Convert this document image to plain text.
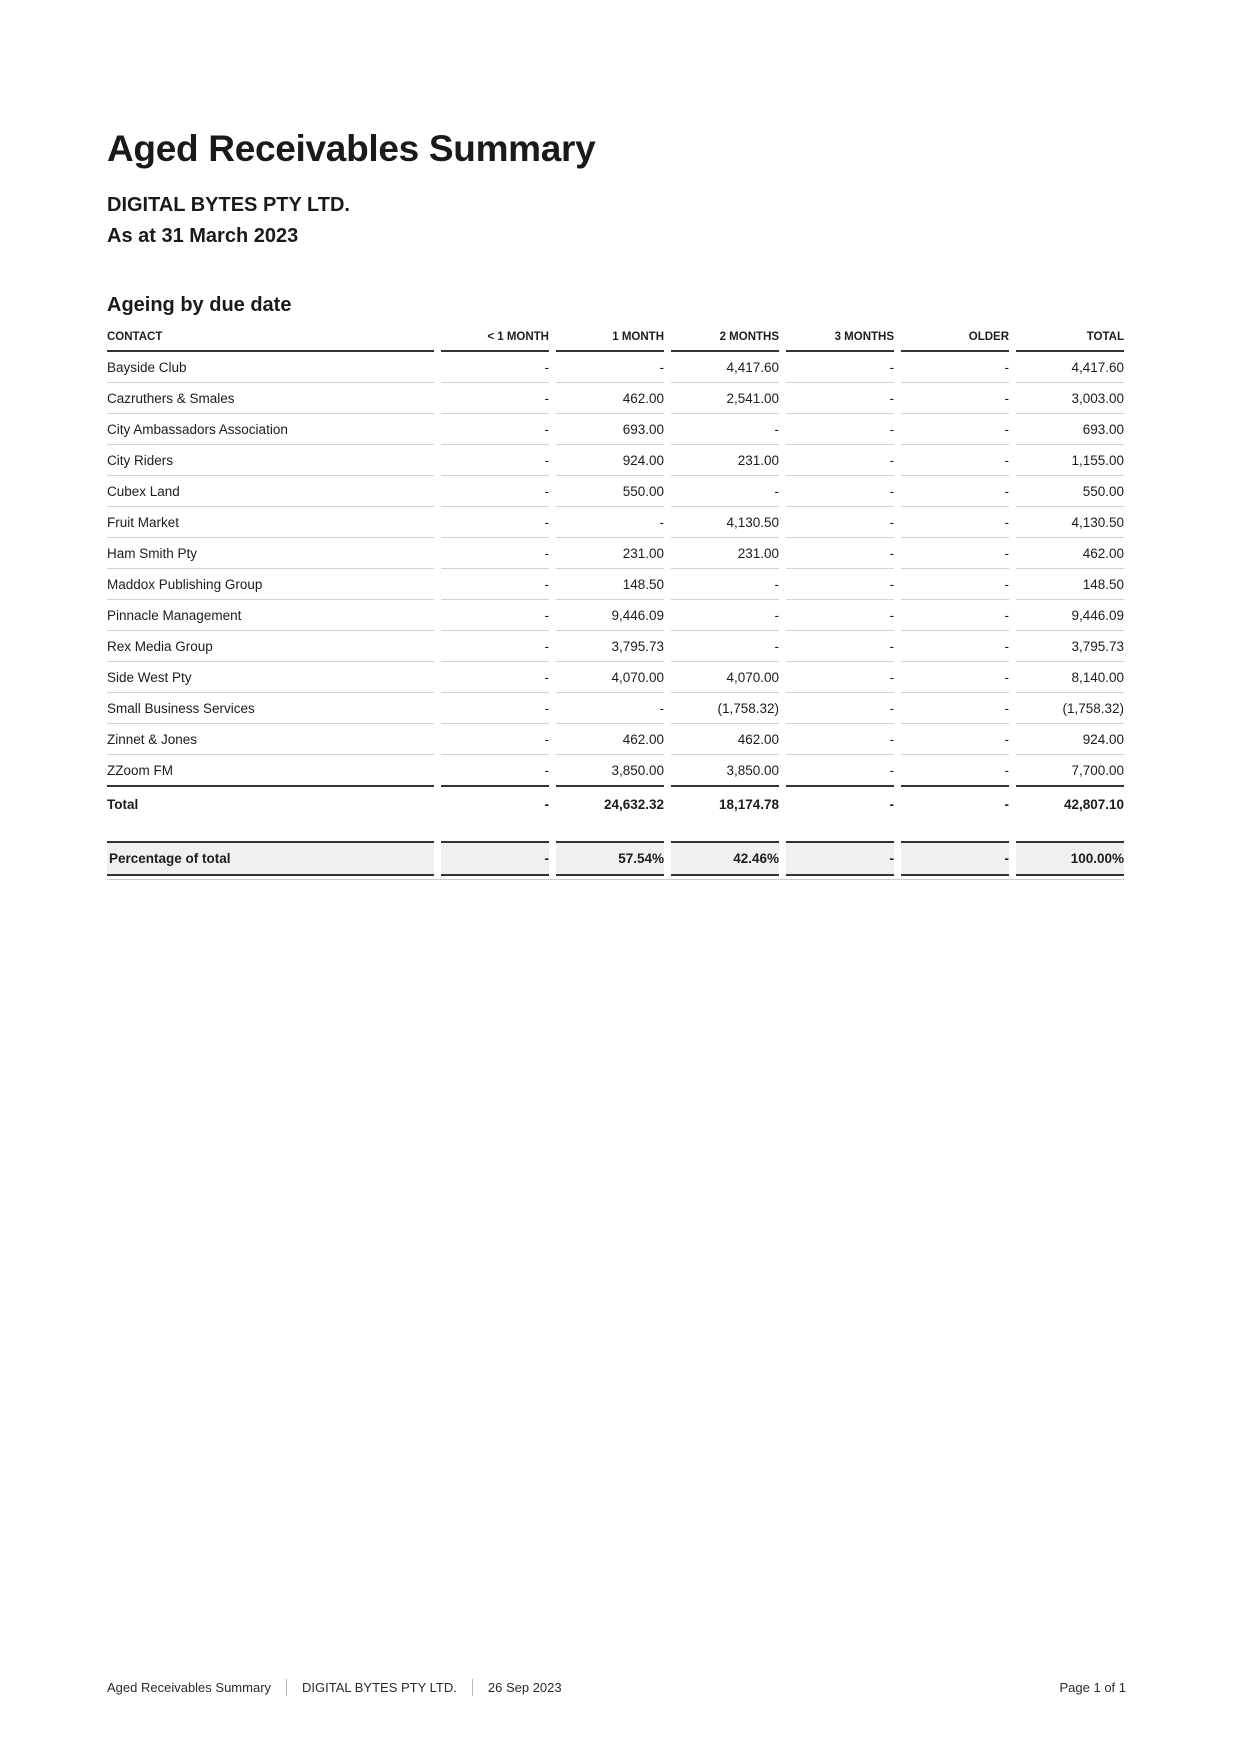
Aged Receivables Summary
DIGITAL BYTES PTY LTD.
As at 31 March 2023
Ageing by due date
CONTACT	< 1 MONTH	1 MONTH	2 MONTHS	3 MONTHS	OLDER	TOTAL
Bayside Club	-	-	4,417.60	-	-	4,417.60
Cazruthers & Smales	-	462.00	2,541.00	-	-	3,003.00
City Ambassadors Association	-	693.00	-	-	-	693.00
City Riders	-	924.00	231.00	-	-	1,155.00
Cubex Land	-	550.00	-	-	-	550.00
Fruit Market	-	-	4,130.50	-	-	4,130.50
Ham Smith Pty	-	231.00	231.00	-	-	462.00
Maddox Publishing Group	-	148.50	-	-	-	148.50
Pinnacle Management	-	9,446.09	-	-	-	9,446.09
Rex Media Group	-	3,795.73	-	-	-	3,795.73
Side West Pty	-	4,070.00	4,070.00	-	-	8,140.00
Small Business Services	-	-	(1,758.32)	-	-	(1,758.32)
Zinnet & Jones	-	462.00	462.00	-	-	924.00
ZZoom FM	-	3,850.00	3,850.00	-	-	7,700.00
Total	-	24,632.32	18,174.78	-	-	42,807.10

Percentage of total	-	57.54%	42.46%	-	-	100.00%
Aged Receivables Summary DIGITAL BYTES PTY LTD. 26 Sep 2023	Page 1 of 1
